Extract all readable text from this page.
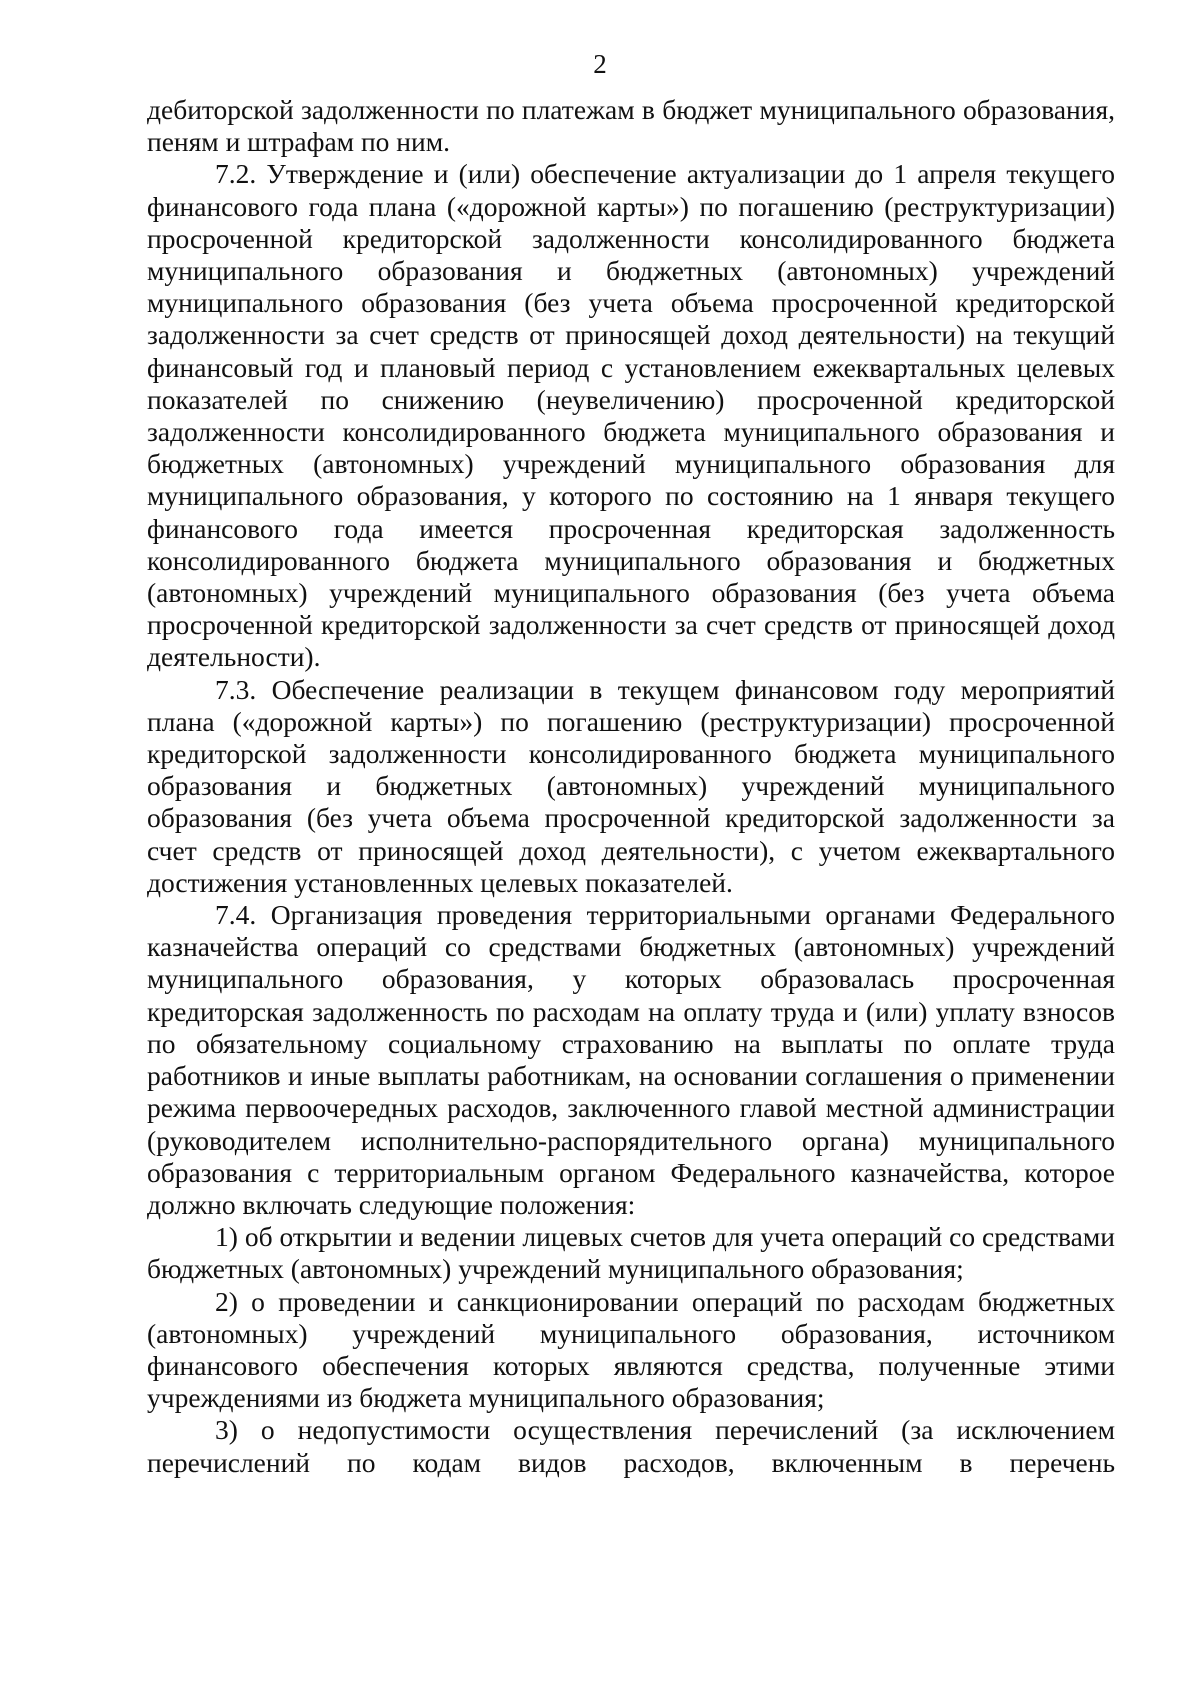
2

дебиторской задолженности по платежам в бюджет муниципального образования, пеням и штрафам по ним.

7.2. Утверждение и (или) обеспечение актуализации до 1 апреля текущего финансового года плана («дорожной карты») по погашению (реструктуризации) просроченной кредиторской задолженности консолидированного бюджета муниципального образования и бюджетных (автономных) учреждений муниципального образования (без учета объема просроченной кредиторской задолженности за счет средств от приносящей доход деятельности) на текущий финансовый год и плановый период с установлением ежеквартальных целевых показателей по снижению (неувеличению) просроченной кредиторской задолженности консолидированного бюджета муниципального образования и бюджетных (автономных) учреждений муниципального образования для муниципального образования, у которого по состоянию на 1 января текущего финансового года имеется просроченная кредиторская задолженность консолидированного бюджета муниципального образования и бюджетных (автономных) учреждений муниципального образования (без учета объема просроченной кредиторской задолженности за счет средств от приносящей доход деятельности).

7.3. Обеспечение реализации в текущем финансовом году мероприятий плана («дорожной карты») по погашению (реструктуризации) просроченной кредиторской задолженности консолидированного бюджета муниципального образования и бюджетных (автономных) учреждений муниципального образования (без учета объема просроченной кредиторской задолженности за счет средств от приносящей доход деятельности), с учетом ежеквартального достижения установленных целевых показателей.

7.4. Организация проведения территориальными органами Федерального казначейства операций со средствами бюджетных (автономных) учреждений муниципального образования, у которых образовалась просроченная кредиторская задолженность по расходам на оплату труда и (или) уплату взносов по обязательному социальному страхованию на выплаты по оплате труда работников и иные выплаты работникам, на основании соглашения о применении режима первоочередных расходов, заключенного главой местной администрации (руководителем исполнительно-распорядительного органа) муниципального образования с территориальным органом Федерального казначейства, которое должно включать следующие положения:

1) об открытии и ведении лицевых счетов для учета операций со средствами бюджетных (автономных) учреждений муниципального образования;

2) о проведении и санкционировании операций по расходам бюджетных (автономных) учреждений муниципального образования, источником финансового обеспечения которых являются средства, полученные этими учреждениями из бюджета муниципального образования;

3) о недопустимости осуществления перечислений (за исключением перечислений по кодам видов расходов, включенным в перечень
